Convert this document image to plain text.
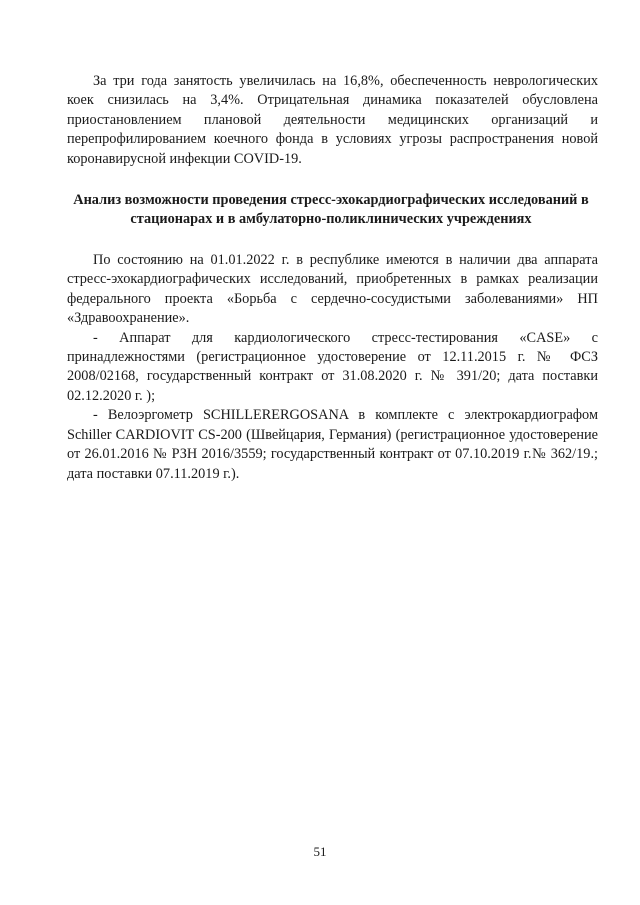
За три года занятость увеличилась на 16,8%, обеспеченность неврологических коек снизилась на 3,4%. Отрицательная динамика показателей обусловлена приостановлением плановой деятельности медицинских организаций и перепрофилированием коечного фонда в условиях угрозы распространения новой коронавирусной инфекции COVID-19.

Анализ возможности проведения стресс-эхокардиографических исследований в стационарах и в амбулаторно-поликлинических учреждениях

По состоянию на 01.01.2022 г. в республике имеются в наличии два аппарата стресс-эхокардиографических исследований, приобретенных в рамках реализации федерального проекта «Борьба с сердечно-сосудистыми заболеваниями» НП «Здравоохранение».

- Аппарат для кардиологического стресс-тестирования «CASE» с принадлежностями (регистрационное удостоверение от 12.11.2015 г. № ФСЗ 2008/02168, государственный контракт от 31.08.2020 г. № 391/20; дата поставки 02.12.2020 г. );

- Велоэргометр SCHILLERERGOSANA в комплекте с электрокардиографом Schiller CARDIOVIT CS-200 (Швейцария, Германия) (регистрационное удостоверение от 26.01.2016 № РЗН 2016/3559; государственный контракт от 07.10.2019 г.№ 362/19.; дата поставки 07.11.2019 г.).

51
